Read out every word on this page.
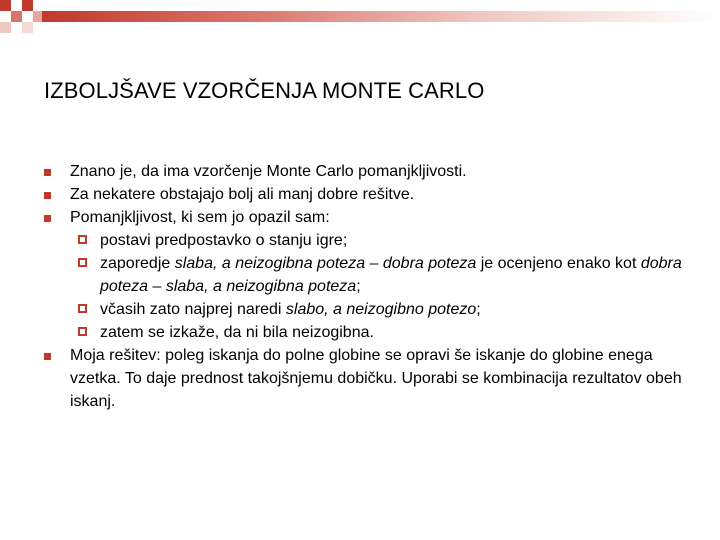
IZBOLJŠAVE VZORČENJA MONTE CARLO
Znano je, da ima vzorčenje Monte Carlo pomanjkljivosti.
Za nekatere obstajajo bolj ali manj dobre rešitve.
Pomanjkljivost, ki sem jo opazil sam:
postavi predpostavko o stanju igre;
zaporedje slaba, a neizogibna poteza – dobra poteza je ocenjeno enako kot dobra poteza – slaba, a neizogibna poteza;
včasih zato najprej naredi slabo, a neizogibno potezo;
zatem se izkaže, da ni bila neizogibna.
Moja rešitev: poleg iskanja do polne globine se opravi še iskanje do globine enega vzetka. To daje prednost takojšnjemu dobičku. Uporabi se kombinacija rezultatov obeh iskanj.
